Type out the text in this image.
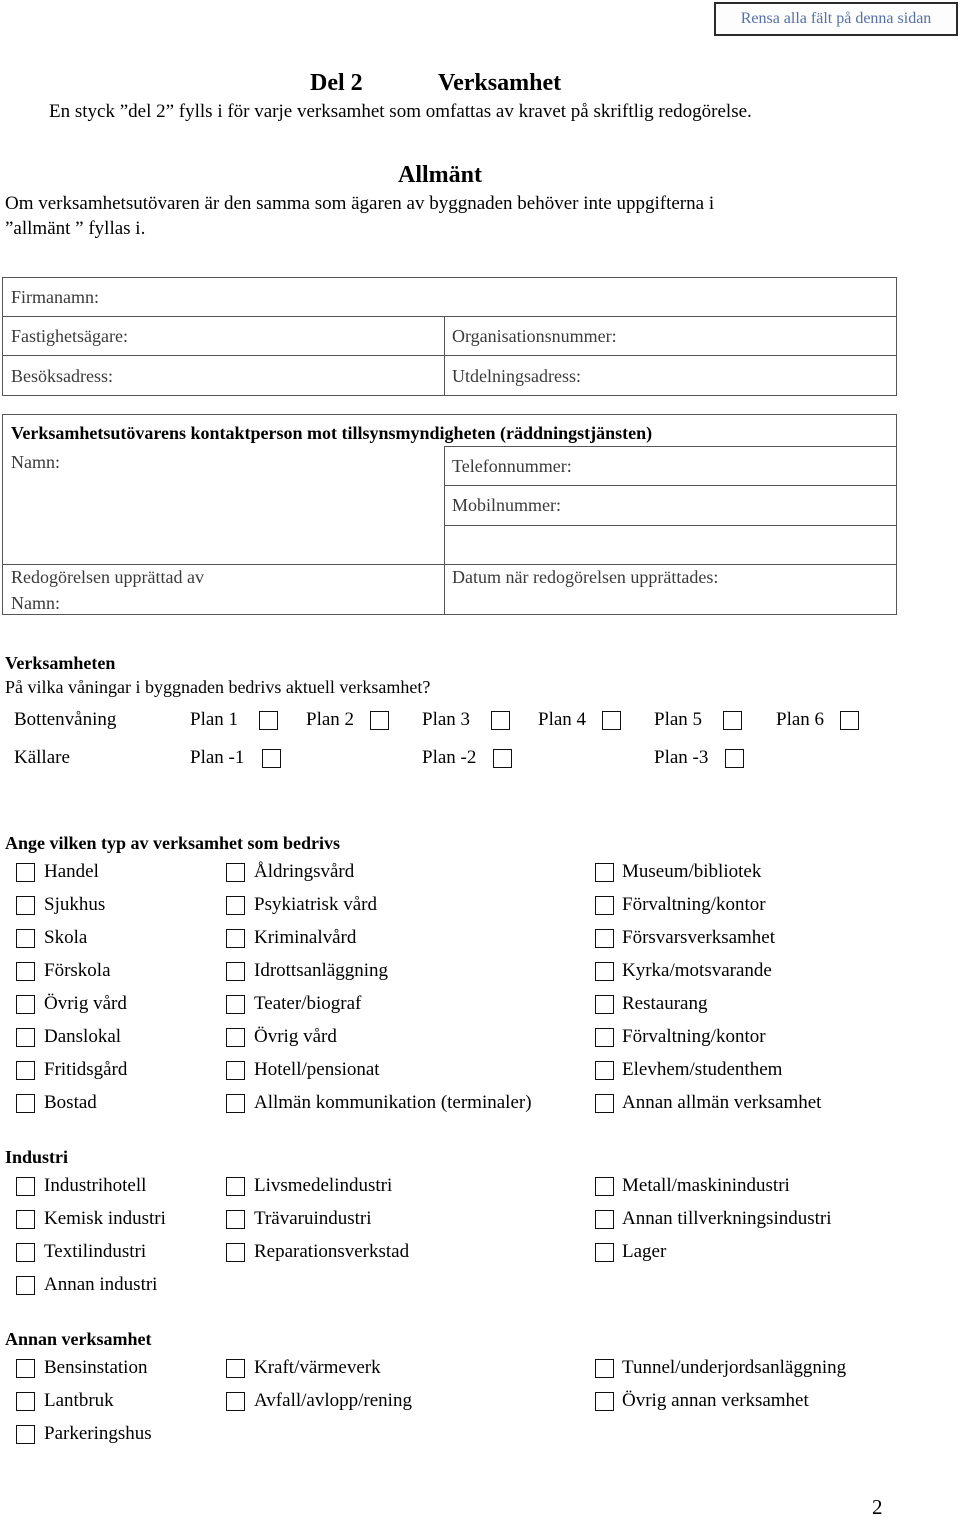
Rensa alla fält på denna sidan
Del 2	Verksamhet
En styck ”del 2” fylls i för varje verksamhet som omfattas av kravet på skriftlig redogörelse.
Allmänt
Om verksamhetsutövaren är den samma som ägaren av byggnaden behöver inte uppgifterna i
”allmänt ” fyllas i.
Firmanamn:
Fastighetsägare:	Organisationsnummer:
Besöksadress:	Utdelningsadress:
Verksamhetsutövarens kontaktperson mot tillsynsmyndigheten (räddningstjänsten)
Namn:	Telefonnummer:
Mobilnummer:
Redogörelsen upprättad av
Namn:
Datum när redogörelsen upprättades:
Verksamheten
På vilka våningar i byggnaden bedrivs aktuell verksamhet?
Bottenvåning	Plan 1	Plan 2	Plan 3	Plan 4	Plan 5	Plan 6
Källare	Plan -1	Plan -2	Plan -3
Ange vilken typ av verksamhet som bedrivs
Handel
Sjukhus
Skola
Förskola
Övrig vård
Danslokal
Fritidsgård
Bostad
Åldringsvård
Psykiatrisk vård
Kriminalvård
Idrottsanläggning
Teater/biograf
Övrig vård
Hotell/pensionat
Allmän kommunikation (terminaler)
Museum/bibliotek
Förvaltning/kontor
Försvarsverksamhet
Kyrka/motsvarande
Restaurang
Förvaltning/kontor
Elevhem/studenthem
Annan allmän verksamhet
Industri
Industrihotell
Kemisk industri
Textilindustri
Annan industri
Livsmedelindustri
Trävaruindustri
Reparationsverkstad
Metall/maskinindustri
Annan tillverkningsindustri
Lager
Annan verksamhet
Bensinstation
Lantbruk
Parkeringshus
Kraft/värmeverk
Avfall/avlopp/rening
Tunnel/underjordsanläggning
Övrig annan verksamhet
2
